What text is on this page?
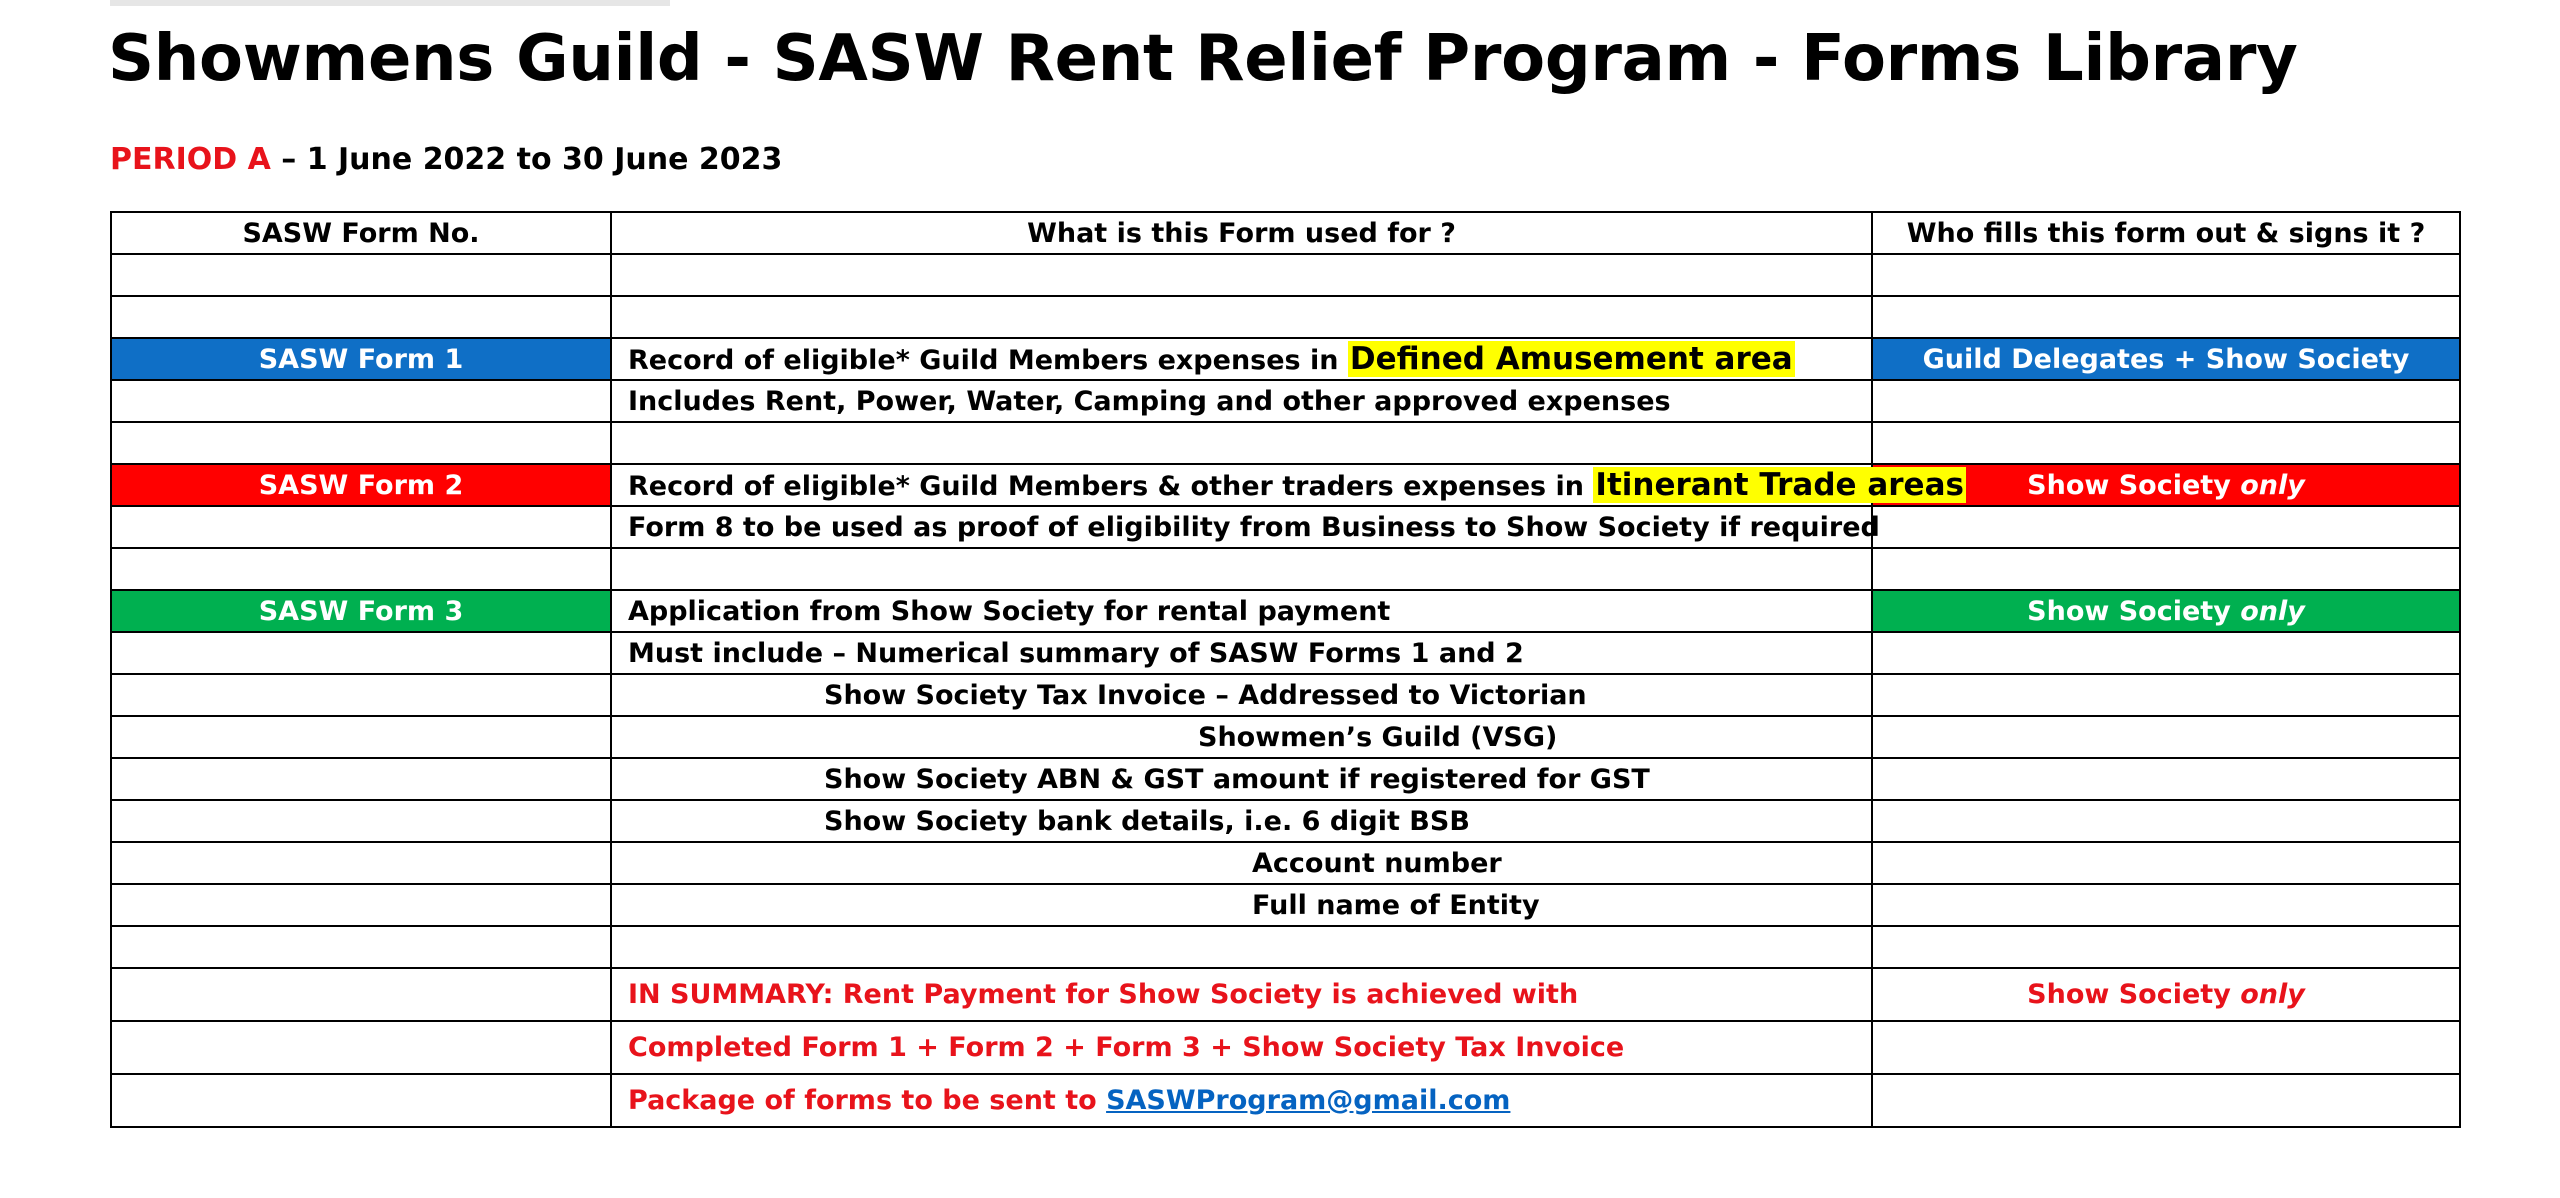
Showmens Guild - SASW Rent Relief Program - Forms Library
PERIOD A – 1 June 2022 to 30 June 2023
SASW Form No.	What is this Form used for ?	Who fills this form out & signs it ?

SASW Form 1	Record of eligible* Guild Members expenses in Defined Amusement area	Guild Delegates + Show Society
	Includes Rent, Power, Water, Camping and other approved expenses	

SASW Form 2	Record of eligible* Guild Members & other traders expenses in Itinerant Trade areas	Show Society only
	Form 8 to be used as proof of eligibility from Business to Show Society if required	

SASW Form 3	Application from Show Society for rental payment	Show Society only
	Must include – Numerical summary of SASW Forms 1 and 2	
	Show Society Tax Invoice – Addressed to Victorian	
	Showmen’s Guild (VSG)	
	Show Society ABN & GST amount if registered for GST	
	Show Society bank details, i.e. 6 digit BSB	
	Account number	
	Full name of Entity	

	IN SUMMARY: Rent Payment for Show Society is achieved with	Show Society only
	Completed Form 1 + Form 2 + Form 3 + Show Society Tax Invoice	
	Package of forms to be sent to SASWProgram@gmail.com	
